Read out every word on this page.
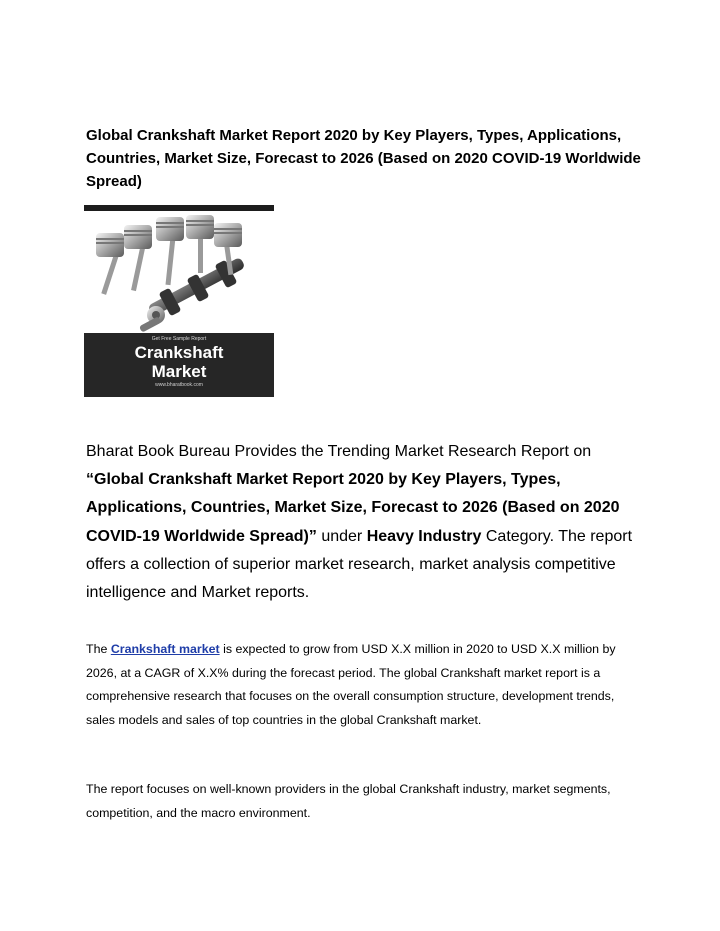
Global Crankshaft Market Report 2020 by Key Players, Types, Applications, Countries, Market Size, Forecast to 2026 (Based on 2020 COVID-19 Worldwide Spread)
Get Free Sample Report
Crankshaft
Market
www.bharatbook.com

Bharat Book Bureau Provides the Trending Market Research Report on “Global Crankshaft Market Report 2020 by Key Players, Types, Applications, Countries, Market Size, Forecast to 2026 (Based on 2020 COVID-19 Worldwide Spread)” under Heavy Industry Category. The report offers a collection of superior market research, market analysis competitive intelligence and Market reports.

The Crankshaft market is expected to grow from USD X.X million in 2020 to USD X.X million by 2026, at a CAGR of X.X% during the forecast period. The global Crankshaft market report is a comprehensive research that focuses on the overall consumption structure, development trends, sales models and sales of top countries in the global Crankshaft market.

The report focuses on well-known providers in the global Crankshaft industry, market segments, competition, and the macro environment.
